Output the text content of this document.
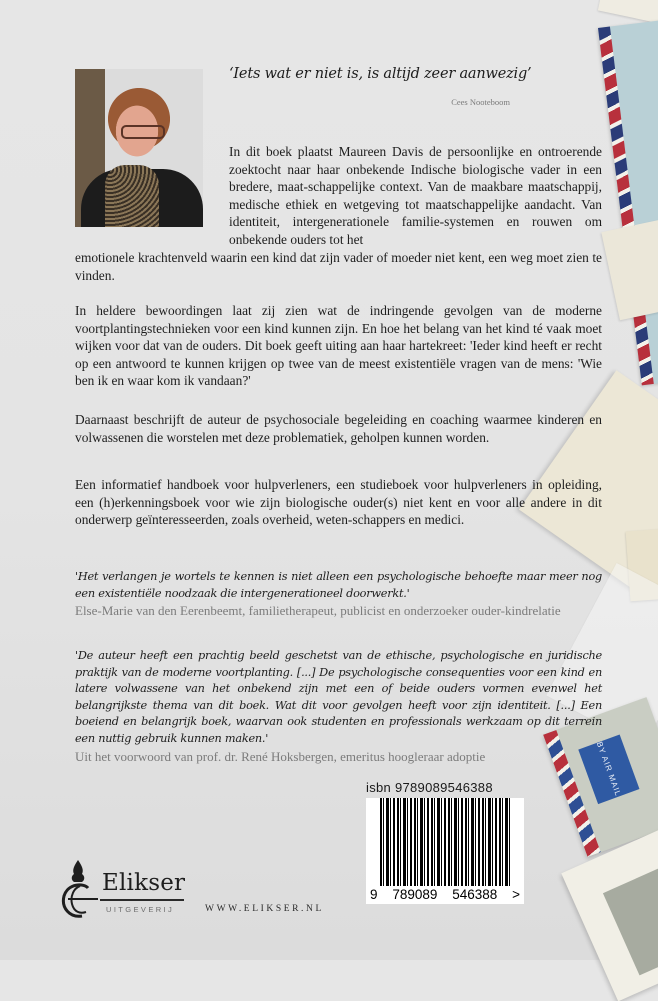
BY AIR MAIL
‘Iets wat er niet is, is altijd zeer aanwezig’
Cees Nooteboom
In dit boek plaatst Maureen Davis de persoonlijke en ontroerende zoektocht naar haar onbekende Indische biologische vader in een bredere, maat-schappelijke context. Van de maakbare maatschappij, medische ethiek en wetgeving tot maatschappelijke aandacht. Van identiteit, intergenerationele familie-systemen en rouwen om onbekende ouders tot het
emotionele krachtenveld waarin een kind dat zijn vader of moeder niet kent, een weg moet zien te vinden.
In heldere bewoordingen laat zij zien wat de indringende gevolgen van de moderne voortplantingstechnieken voor een kind kunnen zijn. En hoe het belang van het kind té vaak moet wijken voor dat van de ouders. Dit boek geeft uiting aan haar hartekreet: 'Ieder kind heeft er recht op een antwoord te kunnen krijgen op twee van de meest existentiële vragen van de mens: 'Wie ben ik en waar kom ik vandaan?'
Daarnaast beschrijft de auteur de psychosociale begeleiding en coaching waarmee kinderen en volwassenen die worstelen met deze problematiek, geholpen kunnen worden.
Een informatief handboek voor hulpverleners, een studieboek voor hulpverleners in opleiding, een (h)erkenningsboek voor wie zijn biologische ouder(s) niet kent en voor alle andere in dit onderwerp geïnteresseerden, zoals overheid, weten-schappers en medici.
'Het verlangen je wortels te kennen is niet alleen een psychologische behoefte maar meer nog een existentiële noodzaak die intergenerationeel doorwerkt.'
Else-Marie van den Eerenbeemt, familietherapeut, publicist en onderzoeker ouder-kindrelatie
'De auteur heeft een prachtig beeld geschetst van de ethische, psychologische en juridische praktijk van de moderne voortplanting. [...] De psychologische consequenties voor een kind en latere volwassene van het onbekend zijn met een of beide ouders vormen evenwel het belangrijkste thema van dit boek. Wat dit voor gevolgen heeft voor zijn identiteit. [...] Een boeiend en belangrijk boek, waarvan ook studenten en professionals werkzaam op dit terrein een nuttig gebruik kunnen maken.'
Uit het voorwoord van prof. dr. René Hoksbergen, emeritus hoogleraar adoptie
isbn 9789089546388
9 789089 546388 >
Elikser
UITGEVERIJ	WWW.ELIKSER.NL
